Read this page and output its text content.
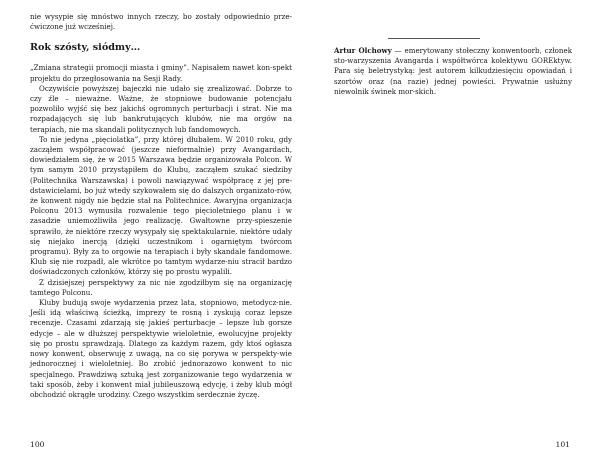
nie wysypie się mnóstwo innych rzeczy, bo zostały odpowiednio prze-ćwiczone już wcześniej.

Rok szósty, siódmy…

„Zmiana strategii promocji miasta i gminy”. Napisałem nawet kon-spekt projektu do przegłosowania na Sesji Rady.

Oczywiście powyższej bajeczki nie udało się zrealizować. Dobrze to czy źle – nieważne. Ważne, że stopniowe budowanie potencjału pozwoliło wyjść się bez jakichś ogromnych perturbacji i strat. Nie ma rozpadających się lub bankrutujących klubów, nie ma orgów na terapiach, nie ma skandali politycznych lub fandomowych.

To nie jedyna „pięciolatka”, przy której dłubałem. W 2010 roku, gdy zacząłem współpracować (jeszcze nieformalnie) przy Avangardach, dowiedziałem się, że w 2015 Warszawa będzie organizowała Polcon. W tym samym 2010 przystąpiłem do Klubu, zacząłem szukać siedziby (Politechnika Warszawska) i powoli nawiązywać współpracę z jej pre-dstawicielami, bo już wtedy szykowałem się do dalszych organizato-rów, że konwent nigdy nie będzie stał na Politechnice. Awaryjna organizacja Polconu 2013 wymusiła rozwalenie tego pięcioletniego planu i w zasadzie uniemożliwiła jego realizację. Gwałtowne przy-spieszenie sprawiło, że niektóre rzeczy wysypały się spektakularnie, niektóre udały się niejako inercją (dzięki uczestnikom i ogarniętym twórcom programu). Były za to orgowie na terapiach i były skandale fandomowe. Klub się nie rozpadł, ale wkrótce po tamtym wydarze-niu stracił bardzo doświadczonych członków, którzy się po prostu wypalili.

Z dzisiejszej perspektywy za nic nie zgodziłbym się na organizację tamtego Polconu.

Kluby budują swoje wydarzenia przez lata, stopniowo, metodycz-nie. Jeśli idą właściwą ścieżką, imprezy te rosną i zyskują coraz lepsze recenzje. Czasami zdarzają się jakieś perturbacje – lepsze lub gorsze edycje – ale w dłuższej perspektywie wieloletnie, ewolucyjne projekty się po prostu sprawdzają. Dlatego za każdym razem, gdy ktoś ogłasza nowy konwent, obserwuję z uwagą, na co się porywa w perspekty-wie jednorocznej i wieloletniej. Bo zrobić jednorazowo konwent to nic specjalnego. Prawdziwą sztuką jest zorganizowanie tego wydarzenia w taki sposób, żeby i konwent miał jubileuszową edycję, i żeby klub mógł obchodzić okrągłe urodziny. Czego wszystkim serdecznie życzę.

100	101
Artur Olchowy — emerytowany stołeczny konwentoorb, członek sto-warzyszenia Avangarda i współtwórca kolektywu GOREktyw. Para się beletrystyką: jest autorem kilkudziesięciu opowiadań i szortów oraz (na razie) jednej powieści. Prywatnie usłużny niewolnik świnek mor-skich.
